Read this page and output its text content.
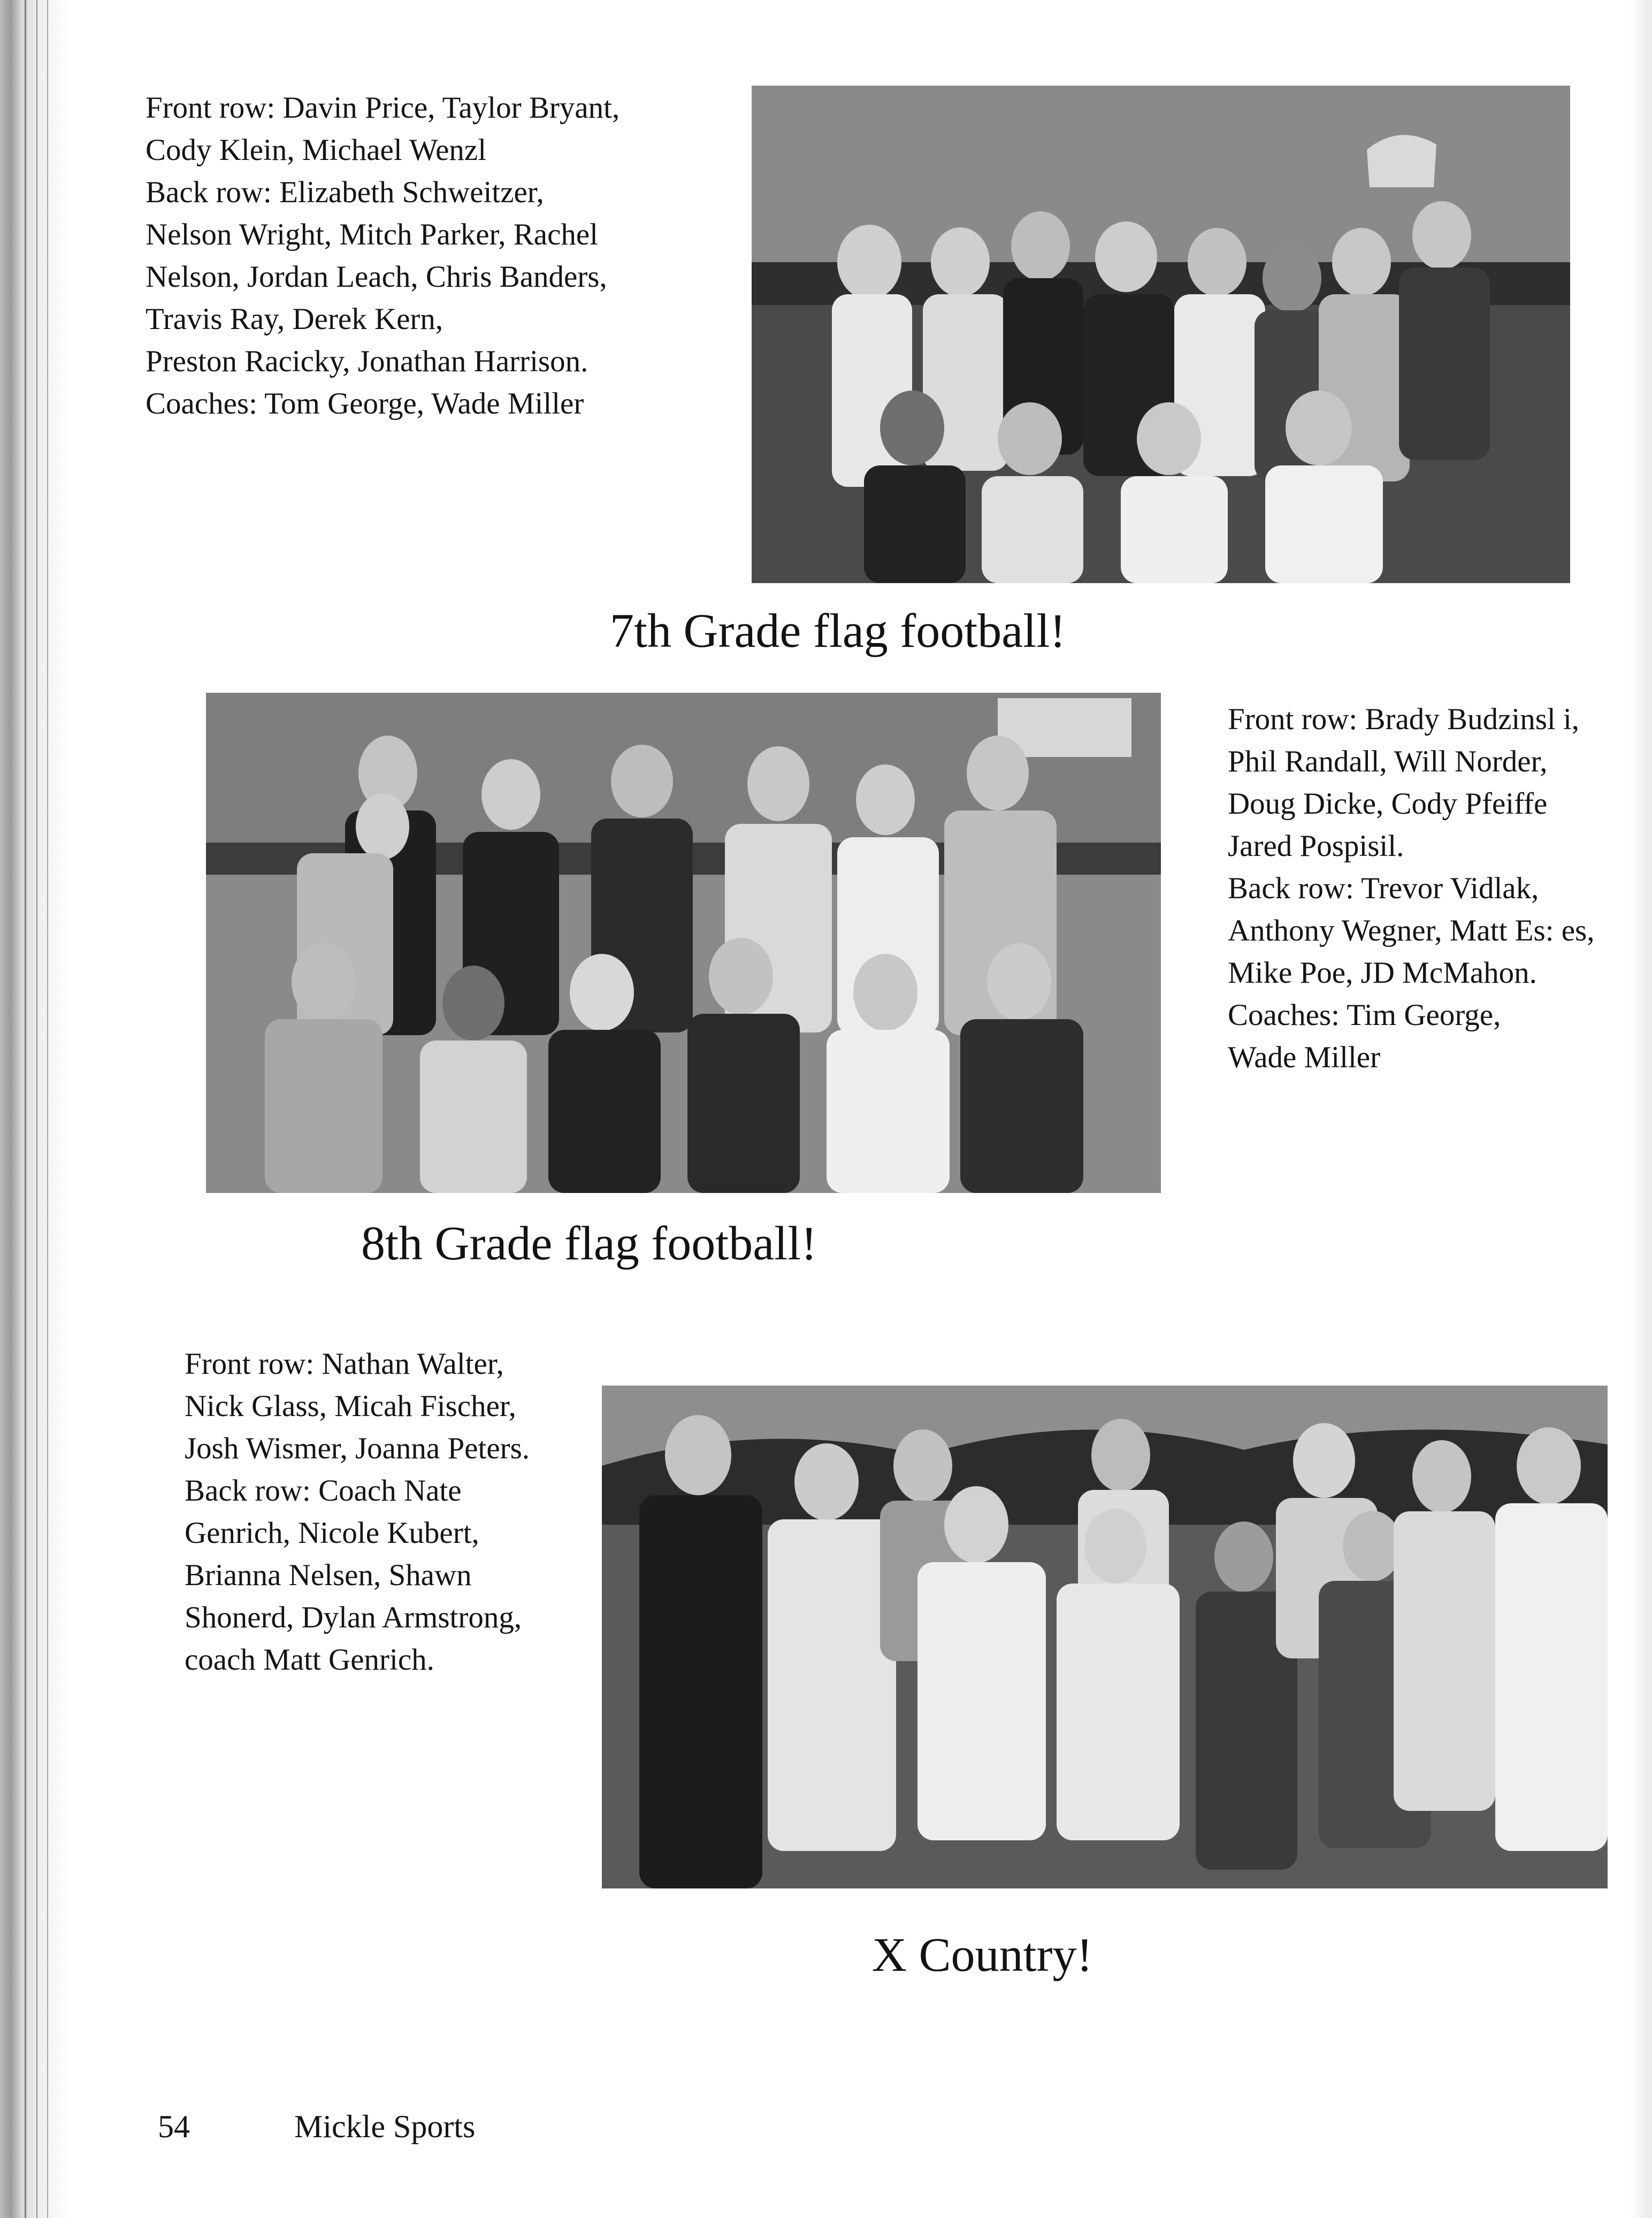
Front row: Davin Price, Taylor Bryant,
Cody Klein, Michael Wenzl
Back row: Elizabeth Schweitzer,
Nelson Wright, Mitch Parker, Rachel
Nelson, Jordan Leach, Chris Banders,
Travis Ray, Derek Kern,
Preston Racicky, Jonathan Harrison.
Coaches: Tom George, Wade Miller
7th Grade flag football!
Front row: Brady Budzinsl i,
Phil Randall, Will Norder,
Doug Dicke, Cody Pfeiffe
Jared Pospisil.
Back row: Trevor Vidlak,
Anthony Wegner, Matt Es: es,
Mike Poe, JD McMahon.
Coaches: Tim George,
Wade Miller
8th Grade flag football!
Front row: Nathan Walter,
Nick Glass, Micah Fischer,
Josh Wismer, Joanna Peters.
Back row: Coach Nate
Genrich, Nicole Kubert,
Brianna Nelsen, Shawn
Shonerd, Dylan Armstrong,
coach Matt Genrich.
X Country!
54	Mickle Sports
